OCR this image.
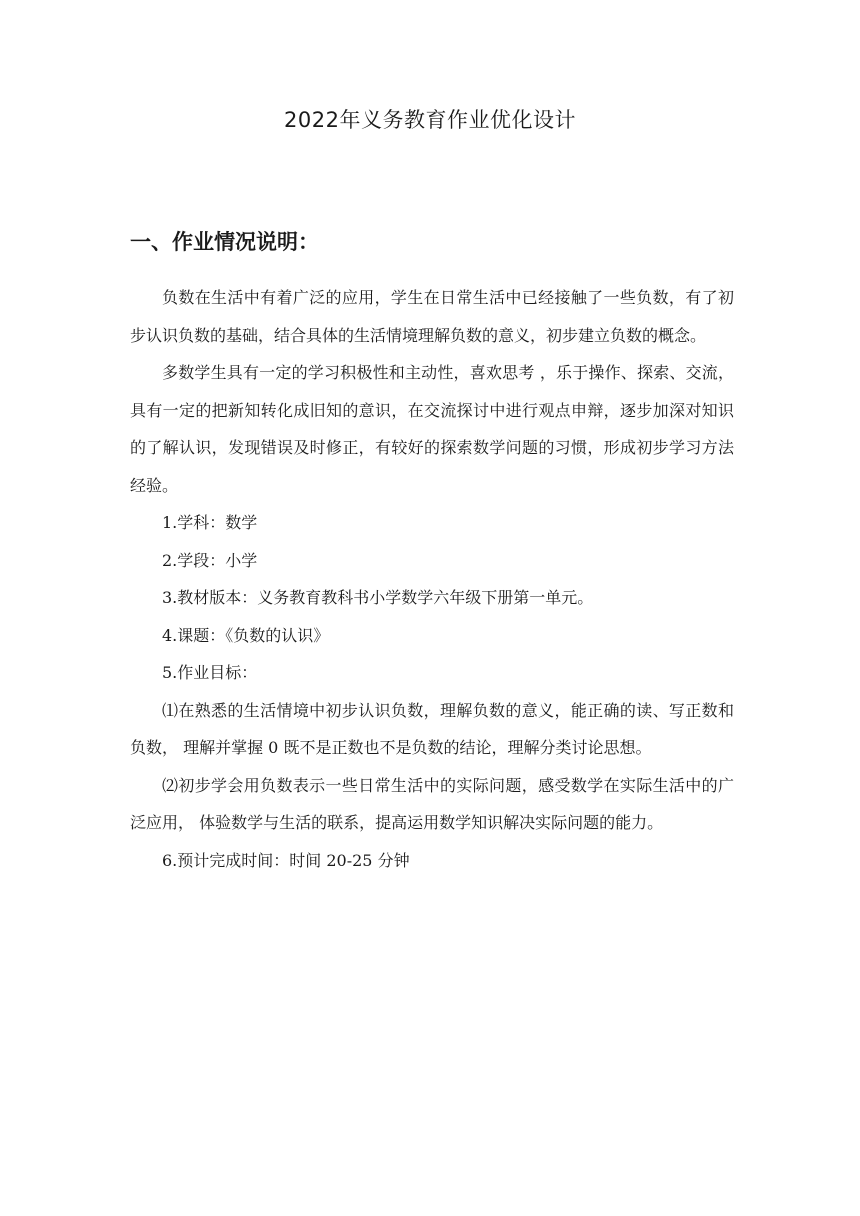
2022年义务教育作业优化设计
一、作业情况说明：

负数在生活中有着广泛的应用，学生在日常生活中已经接触了一些负数，有了初步认识负数的基础，结合具体的生活情境理解负数的意义，初步建立负数的概念。

多数学生具有一定的学习积极性和主动性，喜欢思考 ，乐于操作、探索、交流，具有一定的把新知转化成旧知的意识，在交流探讨中进行观点申辩，逐步加深对知识的了解认识，发现错误及时修正，有较好的探索数学问题的习惯，形成初步学习方法经验。

1.学科：数学

2.学段：小学

3.教材版本：义务教育教科书小学数学六年级下册第一单元。

4.课题：《负数的认识》

5.作业目标：

⑴在熟悉的生活情境中初步认识负数，理解负数的意义，能正确的读、写正数和负数， 理解并掌握 0 既不是正数也不是负数的结论，理解分类讨论思想。

⑵初步学会用负数表示一些日常生活中的实际问题，感受数学在实际生活中的广泛应用， 体验数学与生活的联系，提高运用数学知识解决实际问题的能力。

6.预计完成时间：时间 20-25 分钟
